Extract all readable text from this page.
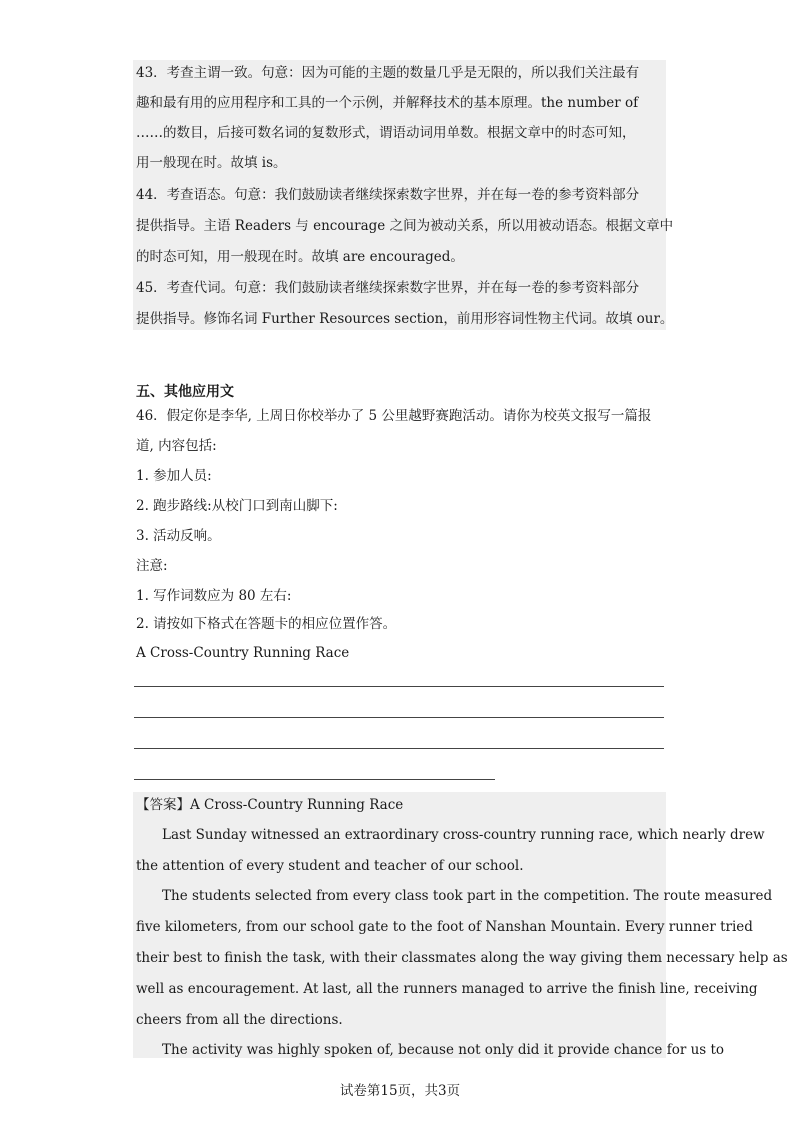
43．考查主谓一致。句意：因为可能的主题的数量几乎是无限的，所以我们关注最有
趣和最有用的应用程序和工具的一个示例，并解释技术的基本原理。the number of
……的数目，后接可数名词的复数形式，谓语动词用单数。根据文章中的时态可知，
用一般现在时。故填 is。
44．考查语态。句意：我们鼓励读者继续探索数字世界，并在每一卷的参考资料部分
提供指导。主语 Readers 与 encourage 之间为被动关系，所以用被动语态。根据文章中
的时态可知，用一般现在时。故填 are encouraged。
45．考查代词。句意：我们鼓励读者继续探索数字世界，并在每一卷的参考资料部分
提供指导。修饰名词 Further Resources section，前用形容词性物主代词。故填 our。
五、其他应用文
46．假定你是李华, 上周日你校举办了 5 公里越野赛跑活动。请你为校英文报写一篇报
道, 内容包括:
1. 参加人员:
2. 跑步路线:从校门口到南山脚下:
3. 活动反响。
注意:
1. 写作词数应为 80 左右:
2. 请按如下格式在答题卡的相应位置作答。
A Cross-Country Running Race
【答案】A Cross-Country Running Race
Last Sunday witnessed an extraordinary cross-country running race, which nearly drew
the attention of every student and teacher of our school.
The students selected from every class took part in the competition. The route measured
five kilometers, from our school gate to the foot of Nanshan Mountain. Every runner tried
their best to finish the task, with their classmates along the way giving them necessary help as
well as encouragement. At last, all the runners managed to arrive the finish line, receiving
cheers from all the directions.
The activity was highly spoken of, because not only did it provide chance for us to
试卷第15页，共3页
